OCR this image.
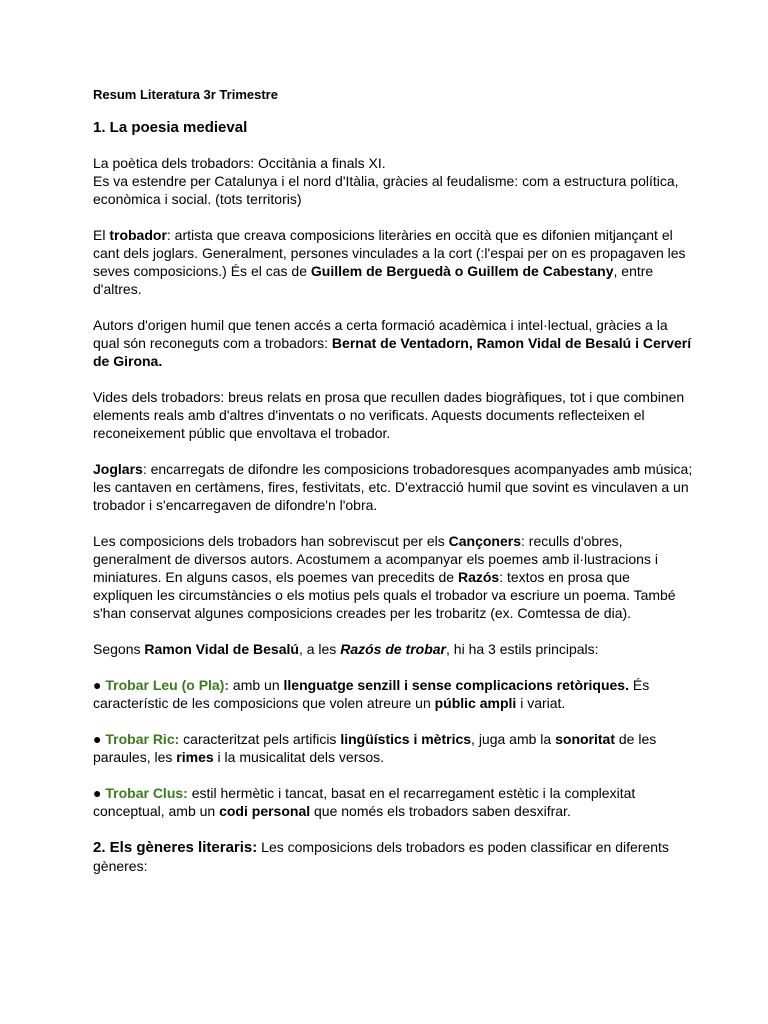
Resum Literatura 3r Trimestre

1. La poesia medieval

La poètica dels trobadors: Occitània a finals XI.
Es va estendre per Catalunya i el nord d'Itàlia, gràcies al feudalisme: com a estructura política, econòmica i social. (tots territoris)

El trobador: artista que creava composicions literàries en occità que es difonien mitjançant el cant dels joglars. Generalment, persones vinculades a la cort (:l'espai per on es propagaven les seves composicions.) És el cas de Guillem de Berguedà o Guillem de Cabestany, entre d'altres.

Autors d'origen humil que tenen accés a certa formació acadèmica i intel·lectual, gràcies a la qual són reconeguts com a trobadors: Bernat de Ventadorn, Ramon Vidal de Besalú i Cerverí de Girona.

Vides dels trobadors: breus relats en prosa que recullen dades biogràfiques, tot i que combinen elements reals amb d'altres d'inventats o no verificats. Aquests documents reflecteixen el reconeixement públic que envoltava el trobador.

Joglars: encarregats de difondre les composicions trobadoresques acompanyades amb música; les cantaven en certàmens, fires, festivitats, etc. D'extracció humil que sovint es vinculaven a un trobador i s'encarregaven de difondre'n l'obra.

Les composicions dels trobadors han sobreviscut per els Cançoners: reculls d'obres, generalment de diversos autors. Acostumem a acompanyar els poemes amb il·lustracions i miniatures. En alguns casos, els poemes van precedits de Razós: textos en prosa que expliquen les circumstàncies o els motius pels quals el trobador va escriure un poema. També s'han conservat algunes composicions creades per les trobaritz (ex. Comtessa de dia).

Segons Ramon Vidal de Besalú, a les Razós de trobar, hi ha 3 estils principals:

● Trobar Leu (o Pla): amb un llenguatge senzill i sense complicacions retòriques. És característic de les composicions que volen atreure un públic ampli i variat.

● Trobar Ric: caracteritzat pels artificis lingüístics i mètrics, juga amb la sonoritat de les paraules, les rimes i la musicalitat dels versos.

● Trobar Clus: estil hermètic i tancat, basat en el recarregament estètic i la complexitat conceptual, amb un codi personal que només els trobadors saben desxifrar.

2. Els gèneres literaris: Les composicions dels trobadors es poden classificar en diferents gèneres:
